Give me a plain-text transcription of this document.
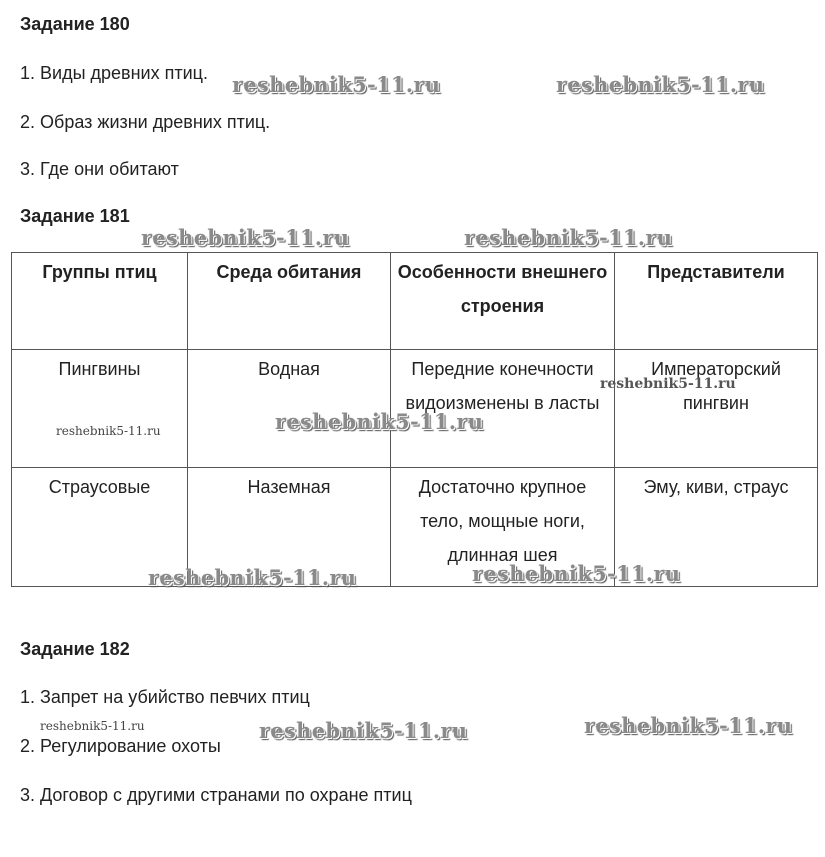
Задание 180
1. Виды древних птиц.
2. Образ жизни древних птиц.
3. Где они обитают
Задание 181
Группы птиц	Среда обитания	Особенности внешнего строения	Представители
Пингвины	Водная	Передние конечности видоизменены в ласты	Императорский пингвин
Страусовые	Наземная	Достаточно крупное тело, мощные ноги, длинная шея	Эму, киви, страус
Задание 182
1. Запрет на убийство певчих птиц
2. Регулирование охоты
3. Договор с другими странами по охране птиц
reshebnik5-11.ru	reshebnik5-11.ru
reshebnik5-11.ru	reshebnik5-11.ru
reshebnik5-11.ru
reshebnik5-11.ru
reshebnik5-11.ru
reshebnik5-11.ru	reshebnik5-11.ru
reshebnik5-11.ru	reshebnik5-11.ru	reshebnik5-11.ru
